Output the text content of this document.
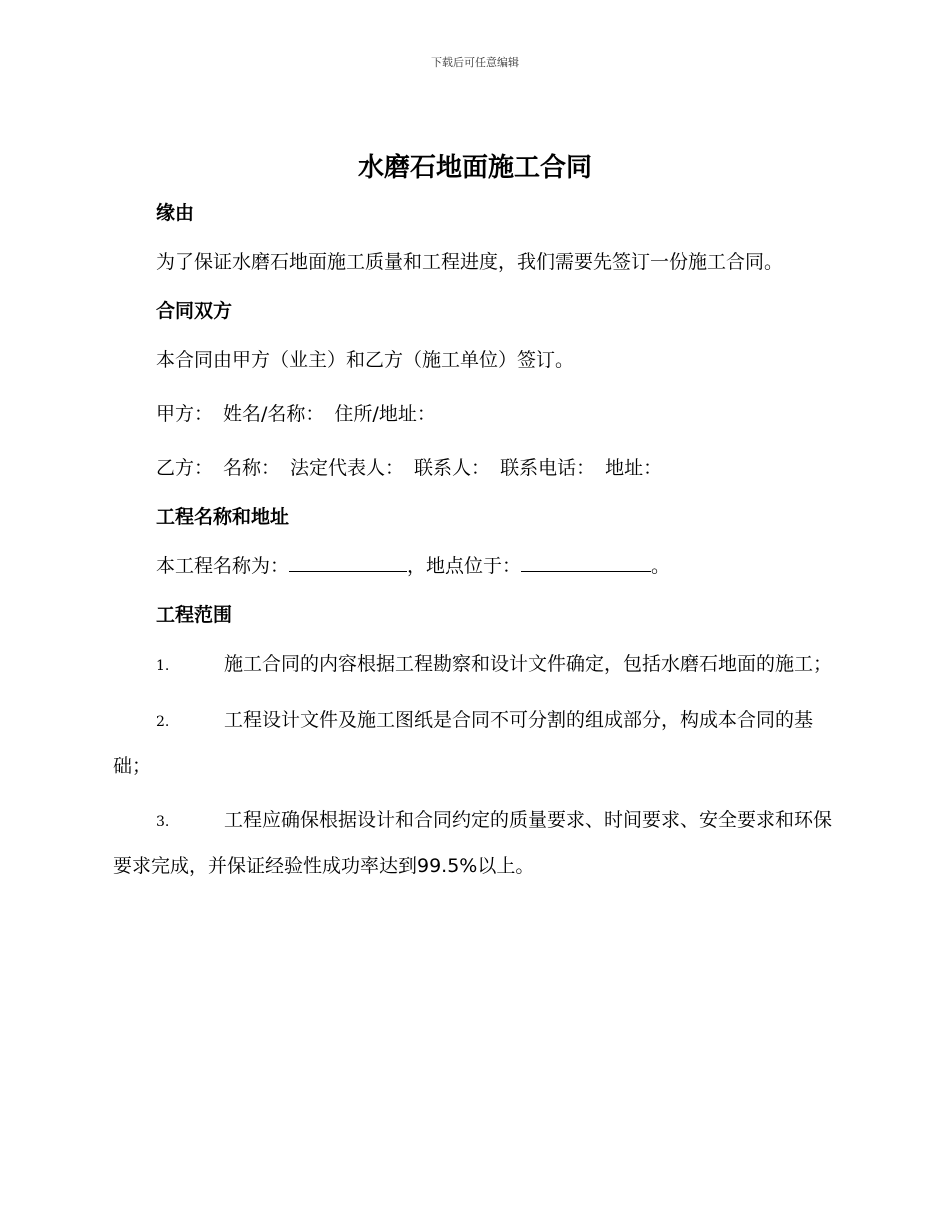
下载后可任意编辑
水磨石地面施工合同

缘由

为了保证水磨石地面施工质量和工程进度，我们需要先签订一份施工合同。

合同双方

本合同由甲方（业主）和乙方（施工单位）签订。

甲方： 姓名/名称： 住所/地址：

乙方： 名称： 法定代表人： 联系人： 联系电话： 地址：

工程名称和地址

本工程名称为：	，地点位于：	。

工程范围

1.	施工合同的内容根据工程勘察和设计文件确定，包括水磨石地面的施工；

2.	工程设计文件及施工图纸是合同不可分割的组成部分，构成本合同的基础；

3.	工程应确保根据设计和合同约定的质量要求、时间要求、安全要求和环保要求完成，并保证经验性成功率达到99.5%以上。
